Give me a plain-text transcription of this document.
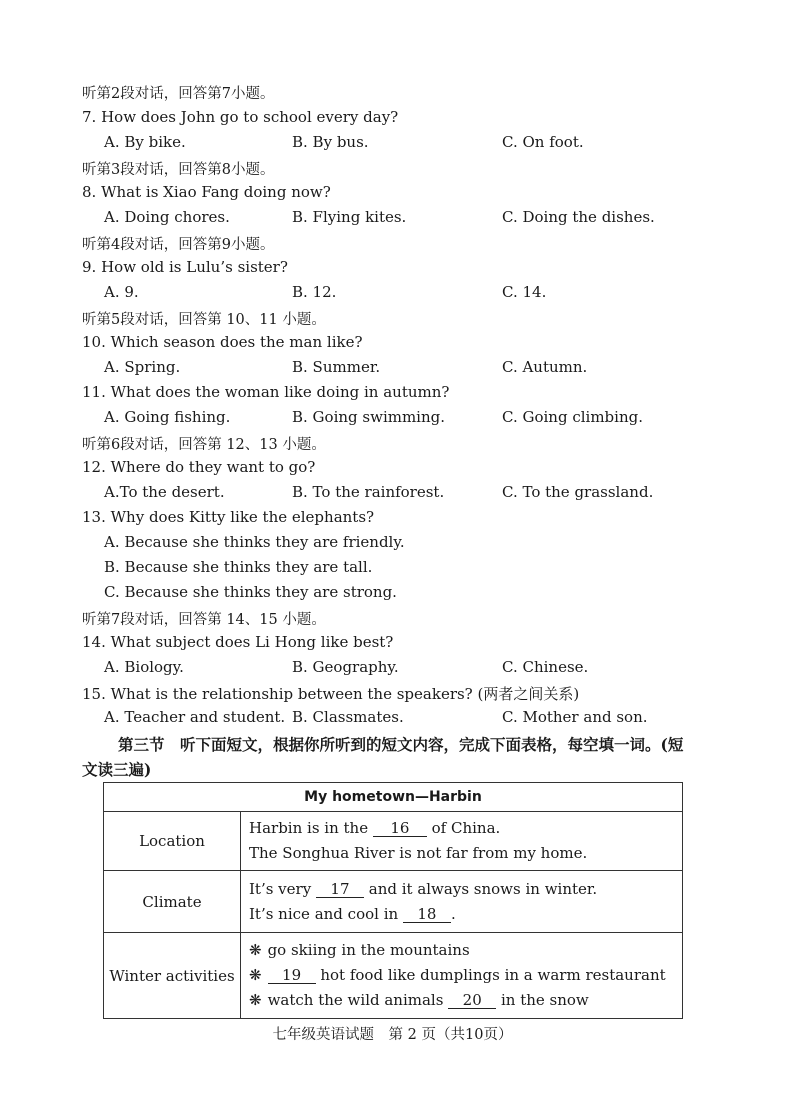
听第2段对话，回答第7小题。
7. How does John go to school every day?
A. By bike.	B. By bus.	C. On foot.
听第3段对话，回答第8小题。
8. What is Xiao Fang doing now?
A. Doing chores.	B. Flying kites.	C. Doing the dishes.
听第4段对话，回答第9小题。
9. How old is Lulu’s sister?
A. 9.	B. 12.	C. 14.
听第5段对话，回答第 10、11 小题。
10. Which season does the man like?
A. Spring.	B. Summer.	C. Autumn.
11. What does the woman like doing in autumn?
A. Going fishing.	B. Going swimming.	C. Going climbing.
听第6段对话，回答第 12、13 小题。
12. Where do they want to go?
A.To the desert.	B. To the rainforest.	C. To the grassland.
13. Why does Kitty like the elephants?
A. Because she thinks they are friendly.
B. Because she thinks they are tall.
C. Because she thinks they are strong.
听第7段对话，回答第 14、15 小题。
14. What subject does Li Hong like best?
A. Biology.	B. Geography.	C. Chinese.
15. What is the relationship between the speakers? (两者之间关系)
A. Teacher and student. B. Classmates.	C. Mother and son.
第三节　听下面短文，根据你所听到的短文内容，完成下面表格，每空填一词。(短文读三遍)
My hometown—Harbin	
Location	Harbin is in the 16 of China.
The Songhua River is not far from my home.

Climate	It’s very 17 and it always snows in winter.
It’s nice and cool in 18 .

Winter activities	❋ go skiing in the mountains
❋ 19 hot food like dumplings in a warm restaurant
❋ watch the wild animals 20 in the snow
七年级英语试题　第 2 页（共10页）
